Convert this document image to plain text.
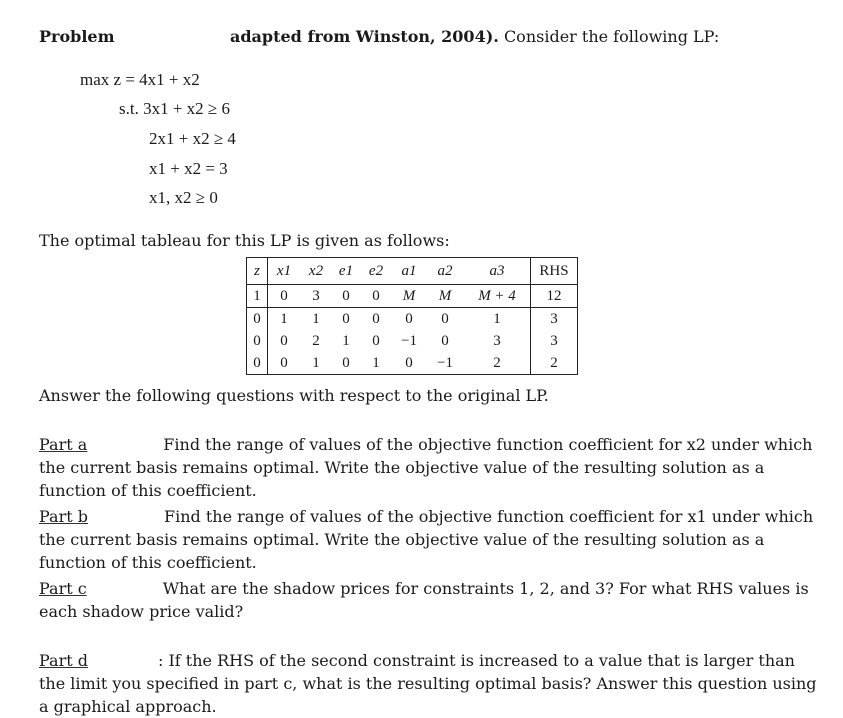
Problem	adapted from Winston, 2004). Consider the following LP:
max z = 4x1 + x2
s.t. 3x1 + x2 ≥ 6
2x1 + x2 ≥ 4
x1 + x2 = 3
x1, x2 ≥ 0
The optimal tableau for this LP is given as follows:
z	x1	x2	e1	e2	a1	a2	a3	RHS
1	0	3	0	0	M	M	M + 4	12
0	1	1	0	0	0	0	1	3
0	0	2	1	0	−1	0	3	3
0	0	1	0	1	0	−1	2	2
Answer the following questions with respect to the original LP.
Part a	Find the range of values of the objective function coefficient for x2 under which the current basis remains optimal. Write the objective value of the resulting solution as a function of this coefficient.
Part b	Find the range of values of the objective function coefficient for x1 under which the current basis remains optimal. Write the objective value of the resulting solution as a function of this coefficient.
Part c	What are the shadow prices for constraints 1, 2, and 3? For what RHS values is each shadow price valid?
Part d	: If the RHS of the second constraint is increased to a value that is larger than the limit you specified in part c, what is the resulting optimal basis? Answer this question using a graphical approach.
